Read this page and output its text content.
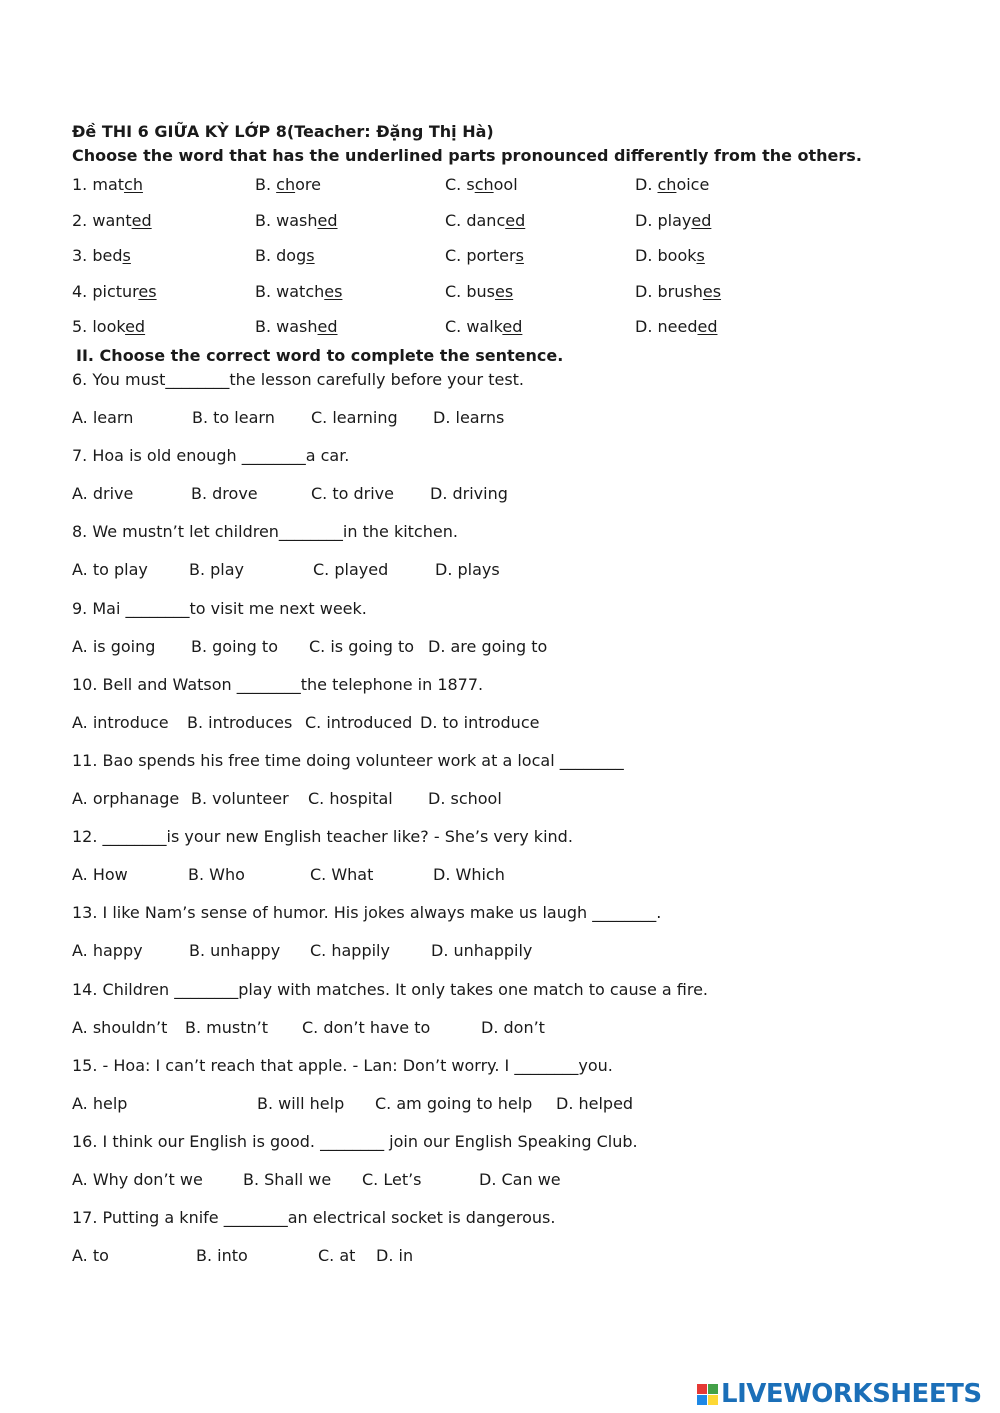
Đề THI 6 GIỮA KỲ LỚP 8(Teacher: Đặng Thị Hà)
Choose the word that has the underlined parts pronounced differently from the others.
1. match	B. chore	C. school	D. choice
2. wanted	B. washed	C. danced	D. played
3. beds	B. dogs	C. porters	D. books
4. pictures	B. watches	C. buses	D. brushes
5. looked	B. washed	C. walked	D. needed
II. Choose the correct word to complete the sentence.
6. You must________the lesson carefully before your test.
A. learn	B. to learn C. learning D. learns
7. Hoa is old enough ________a car.
A. drive	B. drove	C. to drive D. driving
8. We mustn’t let children________in the kitchen.
A. to play	B. play	C. played	D. plays
9. Mai ________to visit me next week.
A. is going B. going to C. is going to D. are going to
10. Bell and Watson ________the telephone in 1877.
A. introduce B. introduces C. introduced D. to introduce
11. Bao spends his free time doing volunteer work at a local ________
A. orphanage B. volunteer C. hospital D. school
12. ________is your new English teacher like? - She’s very kind.
A. How	B. Who	C. What	D. Which
13. I like Nam’s sense of humor. His jokes always make us laugh ________.
A. happy	B. unhappy C. happily	D. unhappily
14. Children ________play with matches. It only takes one match to cause a fire.
A. shouldn’t B. mustn’t C. don’t have to	D. don’t
15. - Hoa: I can’t reach that apple. - Lan: Don’t worry. I ________you.
A. help	B. will help C. am going to help D. helped
16. I think our English is good. ________ join our English Speaking Club.
A. Why don’t we	B. Shall we C. Let’s	D. Can we
17. Putting a knife ________an electrical socket is dangerous.
A. to	B. into	C. at D. in
LIVEWORKSHEETS
